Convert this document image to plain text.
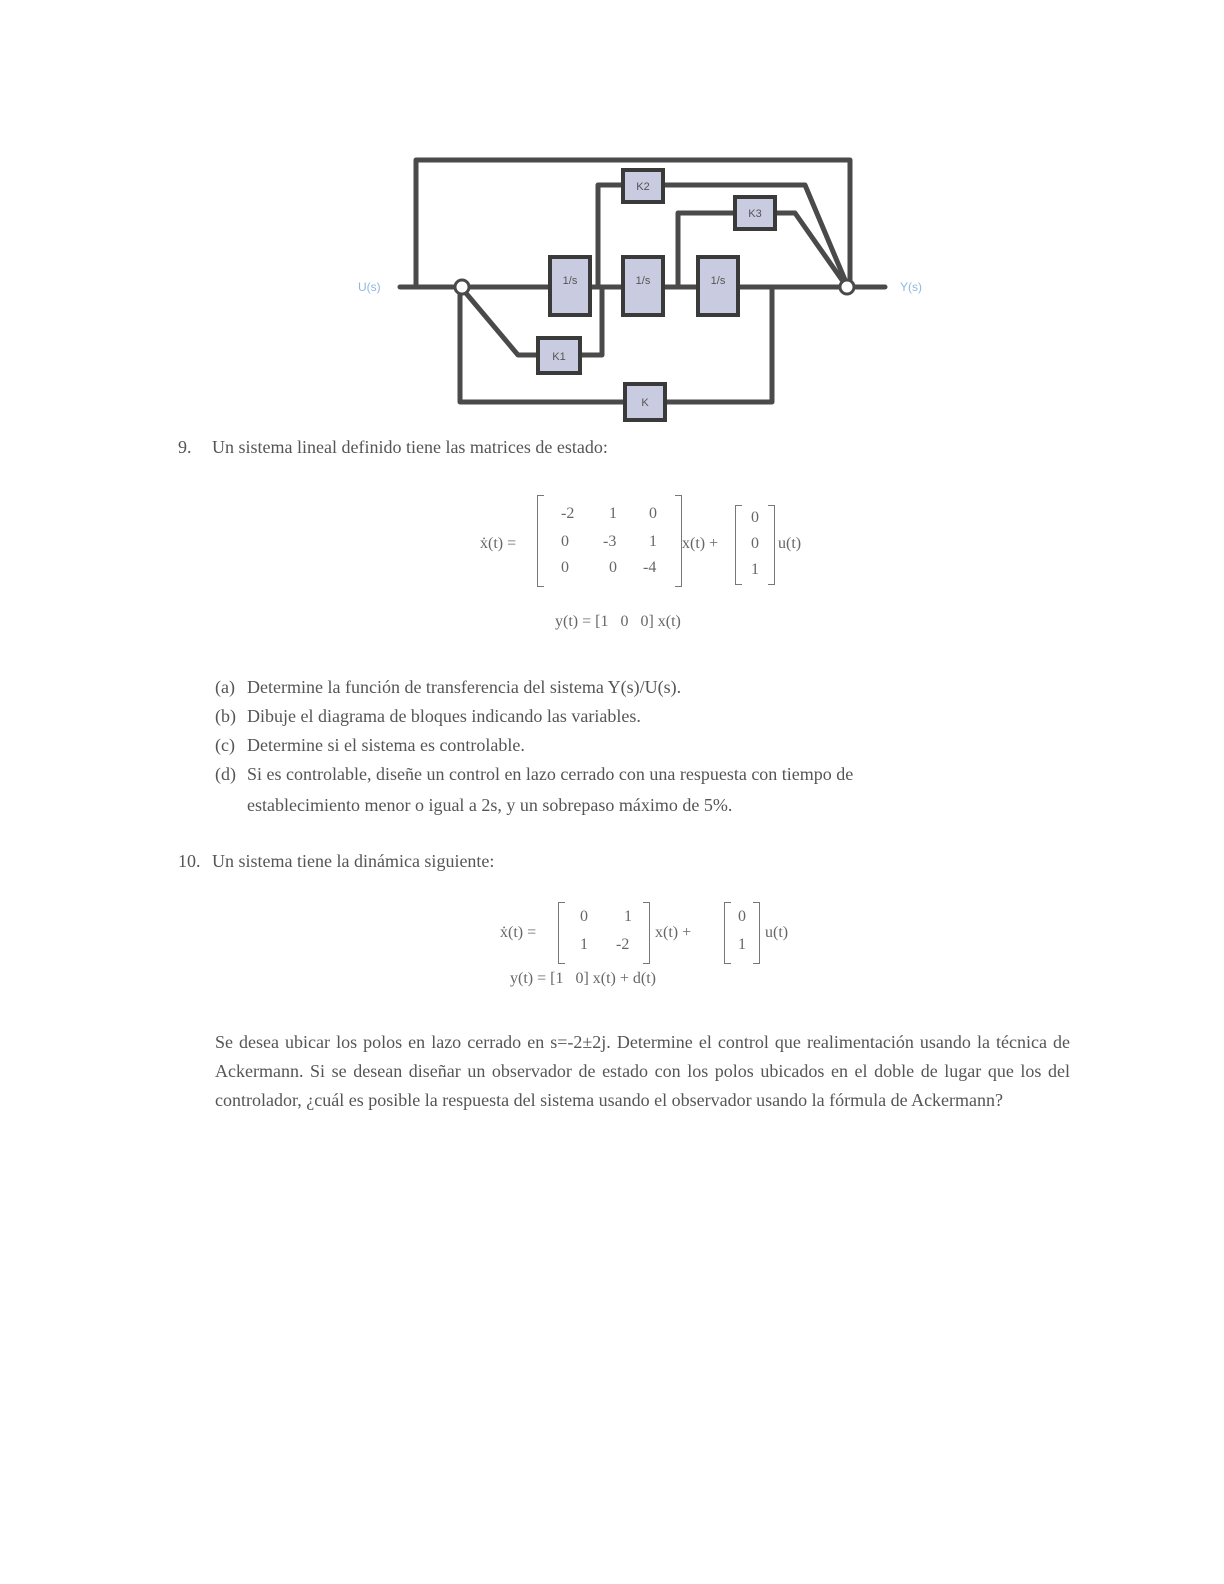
1/s	1/s	1/s
K1
K2
K3
K
U(s)	Y(s)
9. Un sistema lineal definido tiene las matrices de estado:
ẋ(t) =
-2 1 0
0 -3 1
0	0 -4
x(t) +
0
0
1
u(t)
y(t) = [1   0   0] x(t)
(a) Determine la función de transferencia del sistema Y(s)/U(s).
(b) Dibuje el diagrama de bloques indicando las variables.
(c) Determine si el sistema es controlable.
(d) Si es controlable, diseñe un control en lazo cerrado con una respuesta con tiempo de
establecimiento menor o igual a 2s, y un sobrepaso máximo de 5%.
10. Un sistema tiene la dinámica siguiente:
ẋ(t) =
0 1
1 -2
x(t) +
0
1
u(t)
y(t) = [1   0] x(t) + d(t)
Se desea ubicar los polos en lazo cerrado en s=-2±2j. Determine el control que realimentación usando la técnica de Ackermann. Si se desean diseñar un observador de estado con los polos ubicados en el doble de lugar que los del controlador, ¿cuál es posible la respuesta del sistema usando el observador usando la fórmula de Ackermann?
